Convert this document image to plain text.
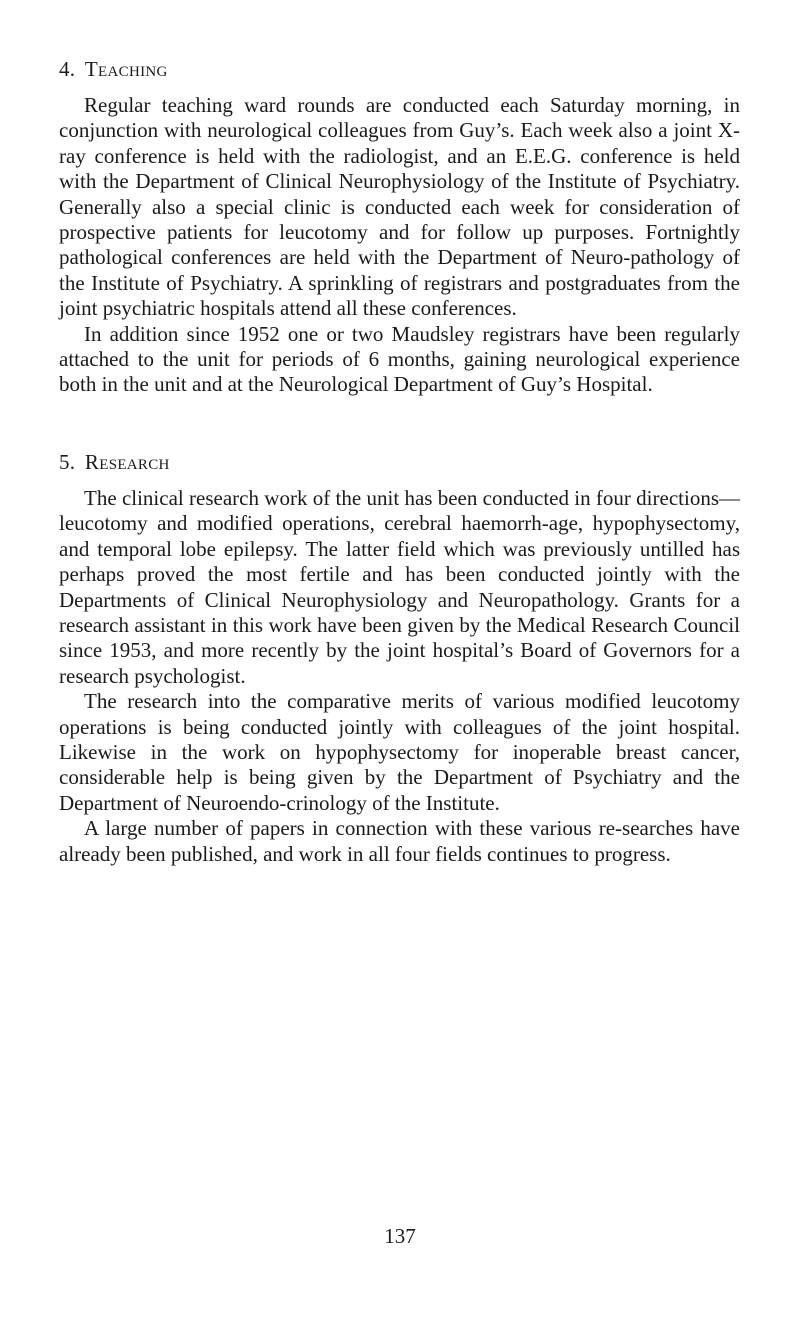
4. Teaching

Regular teaching ward rounds are conducted each Saturday morning, in conjunction with neurological colleagues from Guy’s. Each week also a joint X-ray conference is held with the radiologist, and an E.E.G. conference is held with the Department of Clinical Neurophysiology of the Institute of Psychiatry. Generally also a special clinic is conducted each week for consideration of prospective patients for leucotomy and for follow up purposes. Fortnightly pathological conferences are held with the Department of Neuro-pathology of the Institute of Psychiatry. A sprinkling of registrars and postgraduates from the joint psychiatric hospitals attend all these conferences.

In addition since 1952 one or two Maudsley registrars have been regularly attached to the unit for periods of 6 months, gaining neurological experience both in the unit and at the Neurological Department of Guy’s Hospital.

5. Research

The clinical research work of the unit has been conducted in four directions—leucotomy and modified operations, cerebral haemorrh-age, hypophysectomy, and temporal lobe epilepsy. The latter field which was previously untilled has perhaps proved the most fertile and has been conducted jointly with the Departments of Clinical Neurophysiology and Neuropathology. Grants for a research assistant in this work have been given by the Medical Research Council since 1953, and more recently by the joint hospital’s Board of Governors for a research psychologist.

The research into the comparative merits of various modified leucotomy operations is being conducted jointly with colleagues of the joint hospital. Likewise in the work on hypophysectomy for inoperable breast cancer, considerable help is being given by the Department of Psychiatry and the Department of Neuroendo-crinology of the Institute.

A large number of papers in connection with these various re-searches have already been published, and work in all four fields continues to progress.

137
